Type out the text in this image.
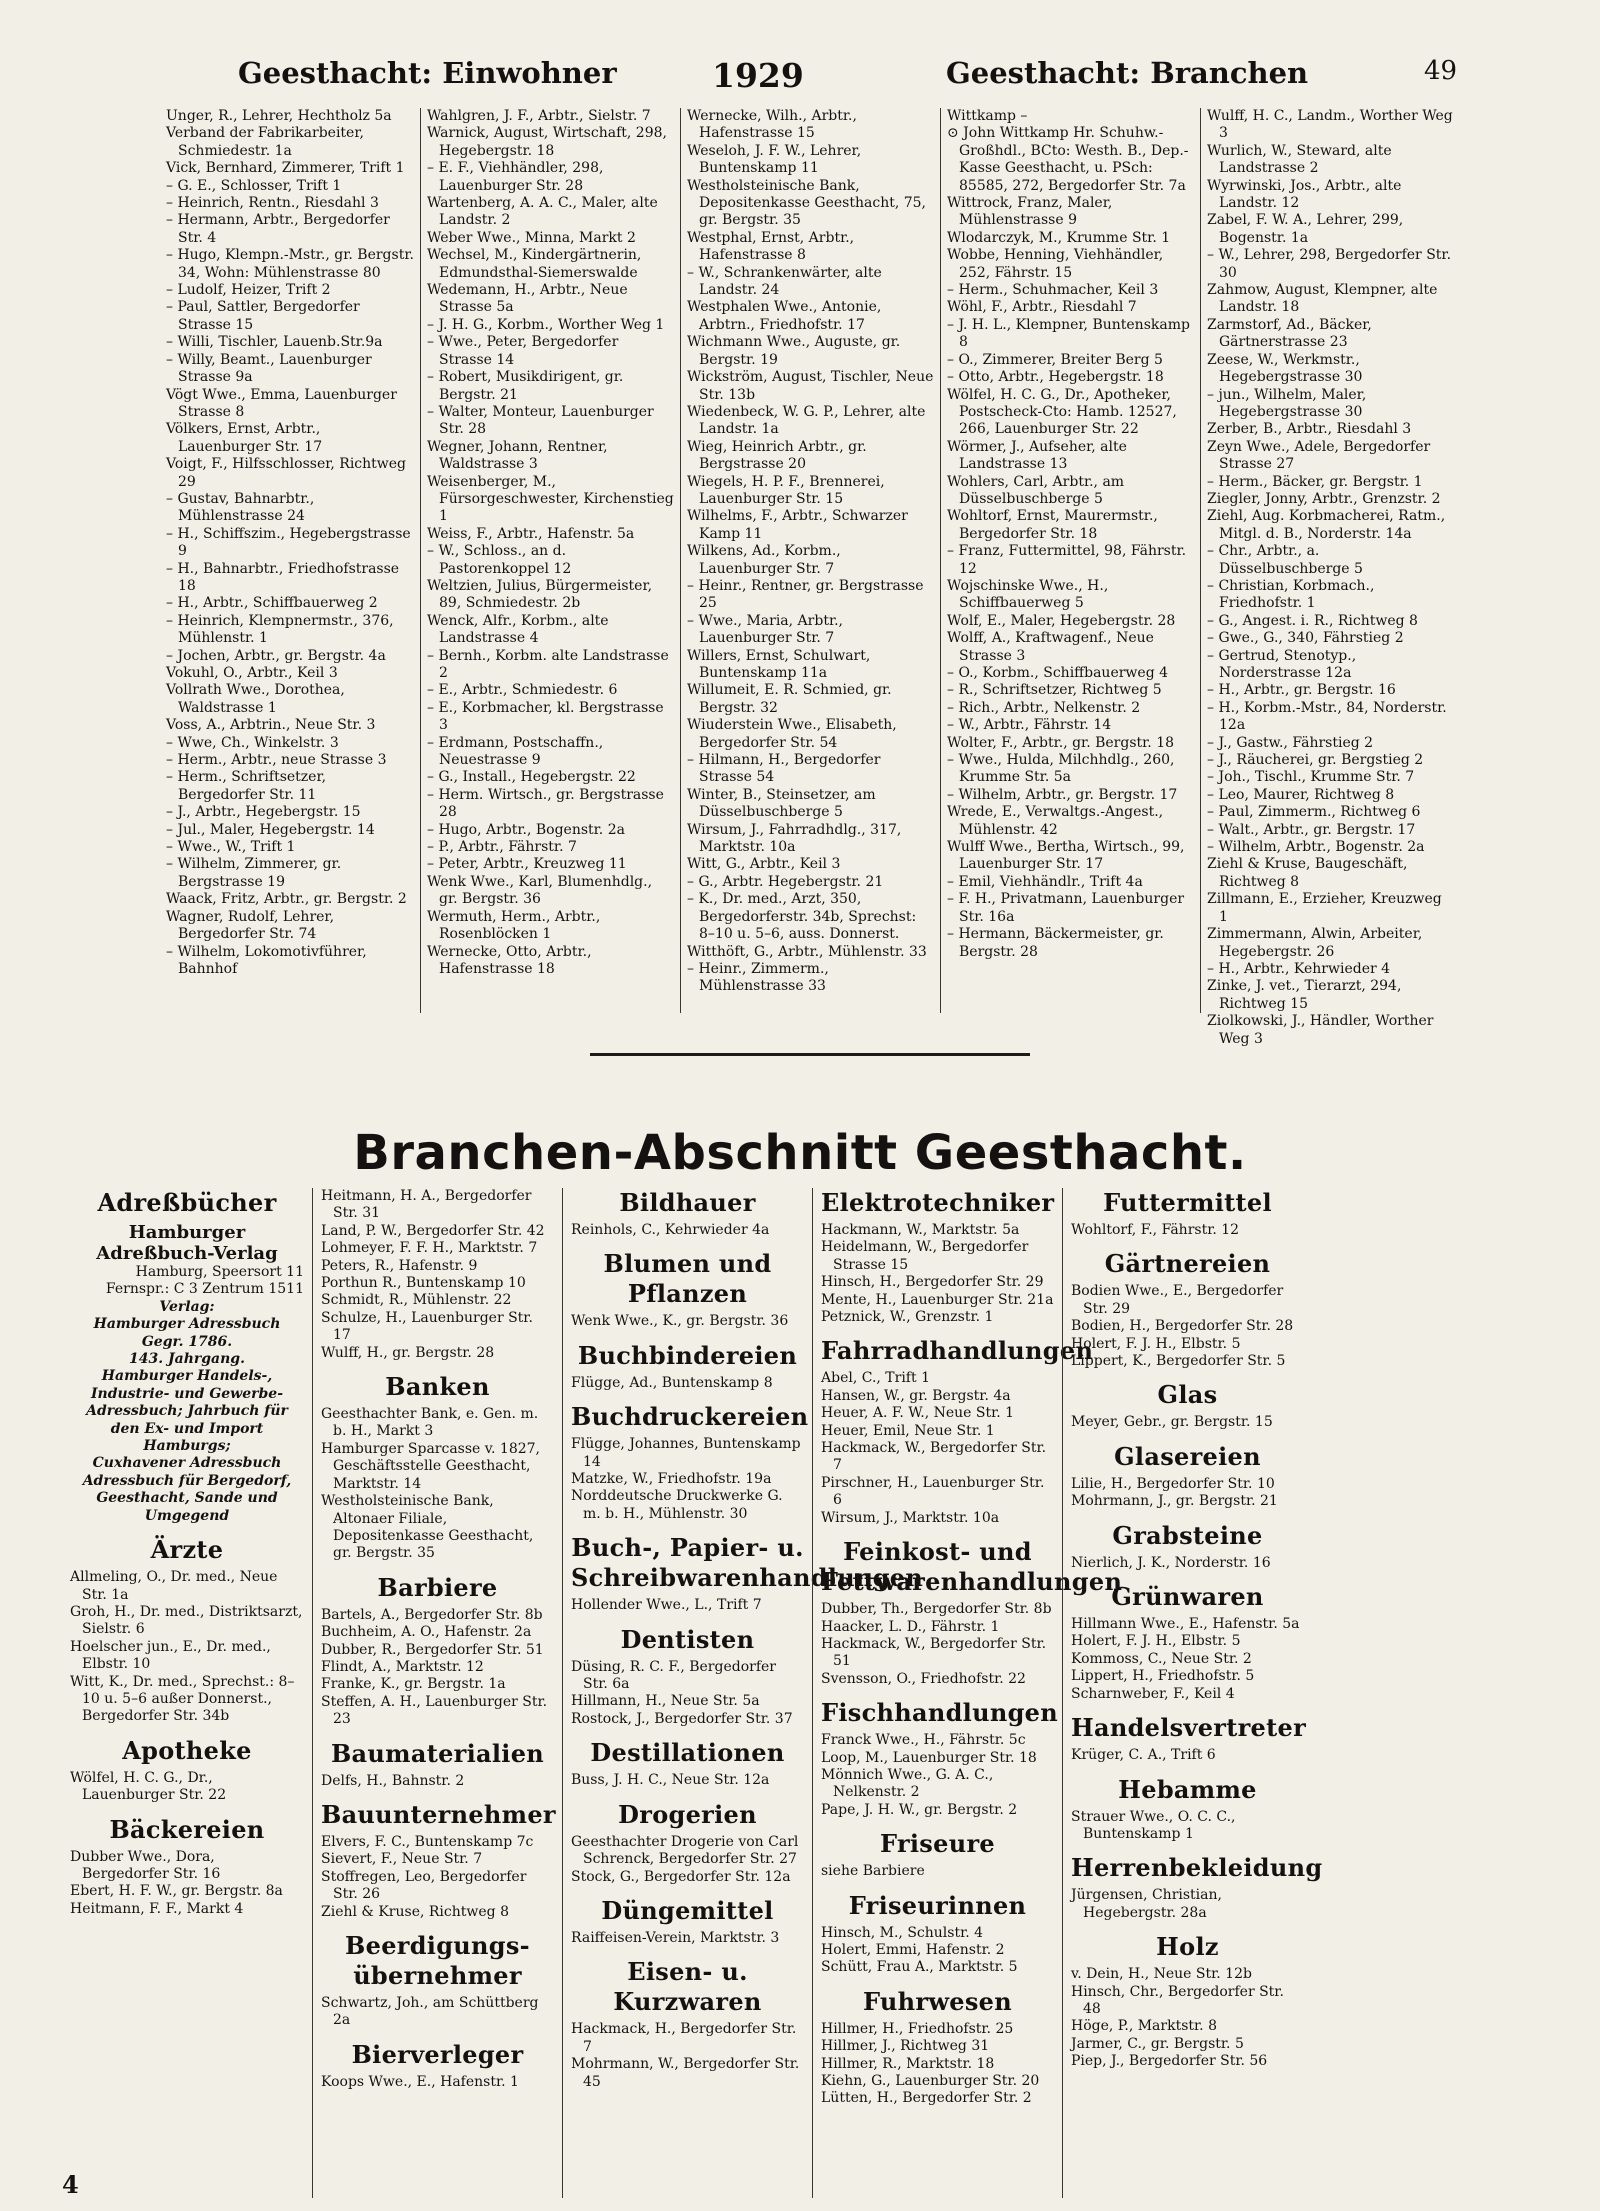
Geesthacht: Einwohner	1929	Geesthacht: Branchen	49
Unger, R., Lehrer, Hechtholz 5a
Verband der Fabrikarbeiter, Schmiedestr. 1a
Vick, Bernhard, Zimmerer, Trift 1
– G. E., Schlosser, Trift 1
– Heinrich, Rentn., Riesdahl 3
– Hermann, Arbtr., Bergedorfer Str. 4
– Hugo, Klempn.-Mstr., gr. Bergstr. 34, Wohn: Mühlenstrasse 80
– Ludolf, Heizer, Trift 2
– Paul, Sattler, Bergedorfer Strasse 15
– Willi, Tischler, Lauenb.Str.9a
– Willy, Beamt., Lauenburger Strasse 9a
Vögt Wwe., Emma, Lauenburger Strasse 8
Völkers, Ernst, Arbtr., Lauenburger Str. 17
Voigt, F., Hilfsschlosser, Richtweg 29
– Gustav, Bahnarbtr., Mühlenstrasse 24
– H., Schiffszim., Hegebergstrasse 9
– H., Bahnarbtr., Friedhofstrasse 18
– H., Arbtr., Schiffbauerweg 2
– Heinrich, Klempnermstr., 376, Mühlenstr. 1
– Jochen, Arbtr., gr. Bergstr. 4a
Vokuhl, O., Arbtr., Keil 3
Vollrath Wwe., Dorothea, Waldstrasse 1
Voss, A., Arbtrin., Neue Str. 3
– Wwe, Ch., Winkelstr. 3
– Herm., Arbtr., neue Strasse 3
– Herm., Schriftsetzer, Bergedorfer Str. 11
– J., Arbtr., Hegebergstr. 15
– Jul., Maler, Hegebergstr. 14
– Wwe., W., Trift 1
– Wilhelm, Zimmerer, gr. Bergstrasse 19
Waack, Fritz, Arbtr., gr. Bergstr. 2
Wagner, Rudolf, Lehrer, Bergedorfer Str. 74
– Wilhelm, Lokomotivführer, Bahnhof
Wahlgren, J. F., Arbtr., Sielstr. 7
Warnick, August, Wirtschaft, 298, Hegebergstr. 18
– E. F., Viehhändler, 298, Lauenburger Str. 28
Wartenberg, A. A. C., Maler, alte Landstr. 2
Weber Wwe., Minna, Markt 2
Wechsel, M., Kindergärtnerin, Edmundsthal-Siemerswalde
Wedemann, H., Arbtr., Neue Strasse 5a
– J. H. G., Korbm., Worther Weg 1
– Wwe., Peter, Bergedorfer Strasse 14
– Robert, Musikdirigent, gr. Bergstr. 21
– Walter, Monteur, Lauenburger Str. 28
Wegner, Johann, Rentner, Waldstrasse 3
Weisenberger, M., Fürsorgeschwester, Kirchenstieg 1
Weiss, F., Arbtr., Hafenstr. 5a
– W., Schloss., an d. Pastorenkoppel 12
Weltzien, Julius, Bürgermeister, 89, Schmiedestr. 2b
Wenck, Alfr., Korbm., alte Landstrasse 4
– Bernh., Korbm. alte Landstrasse 2
– E., Arbtr., Schmiedestr. 6
– E., Korbmacher, kl. Bergstrasse 3
– Erdmann, Postschaffn., Neuestrasse 9
– G., Install., Hegebergstr. 22
– Herm. Wirtsch., gr. Bergstrasse 28
– Hugo, Arbtr., Bogenstr. 2a
– P., Arbtr., Fährstr. 7
– Peter, Arbtr., Kreuzweg 11
Wenk Wwe., Karl, Blumenhdlg., gr. Bergstr. 36
Wermuth, Herm., Arbtr., Rosenblöcken 1
Wernecke, Otto, Arbtr., Hafenstrasse 18
Wernecke, Wilh., Arbtr., Hafenstrasse 15
Weseloh, J. F. W., Lehrer, Buntenskamp 11
Westholsteinische Bank, Depositenkasse Geesthacht, 75, gr. Bergstr. 35
Westphal, Ernst, Arbtr., Hafenstrasse 8
– W., Schrankenwärter, alte Landstr. 24
Westphalen Wwe., Antonie, Arbtrn., Friedhofstr. 17
Wichmann Wwe., Auguste, gr. Bergstr. 19
Wickström, August, Tischler, Neue Str. 13b
Wiedenbeck, W. G. P., Lehrer, alte Landstr. 1a
Wieg, Heinrich Arbtr., gr. Bergstrasse 20
Wiegels, H. P. F., Brennerei, Lauenburger Str. 15
Wilhelms, F., Arbtr., Schwarzer Kamp 11
Wilkens, Ad., Korbm., Lauenburger Str. 7
– Heinr., Rentner, gr. Bergstrasse 25
– Wwe., Maria, Arbtr., Lauenburger Str. 7
Willers, Ernst, Schulwart, Buntenskamp 11a
Willumeit, E. R. Schmied, gr. Bergstr. 32
Wiuderstein Wwe., Elisabeth, Bergedorfer Str. 54
– Hilmann, H., Bergedorfer Strasse 54
Winter, B., Steinsetzer, am Düsselbuschberge 5
Wirsum, J., Fahrradhdlg., 317, Marktstr. 10a
Witt, G., Arbtr., Keil 3
– G., Arbtr. Hegebergstr. 21
– K., Dr. med., Arzt, 350, Bergedorferstr. 34b, Sprechst: 8–10 u. 5–6, auss. Donnerst.
Witthöft, G., Arbtr., Mühlenstr. 33
– Heinr., Zimmerm., Mühlenstrasse 33
Wittkamp –
⊙ John Wittkamp Hr. Schuhw.-Großhdl., BCto: Westh. B., Dep.-Kasse Geesthacht, u. PSch: 85585, 272, Bergedorfer Str. 7a
Wittrock, Franz, Maler, Mühlenstrasse 9
Wlodarczyk, M., Krumme Str. 1
Wobbe, Henning, Viehhändler, 252, Fährstr. 15
– Herm., Schuhmacher, Keil 3
Wöhl, F., Arbtr., Riesdahl 7
– J. H. L., Klempner, Buntenskamp 8
– O., Zimmerer, Breiter Berg 5
– Otto, Arbtr., Hegebergstr. 18
Wölfel, H. C. G., Dr., Apotheker, Postscheck-Cto: Hamb. 12527, 266, Lauenburger Str. 22
Wörmer, J., Aufseher, alte Landstrasse 13
Wohlers, Carl, Arbtr., am Düsselbuschberge 5
Wohltorf, Ernst, Maurermstr., Bergedorfer Str. 18
– Franz, Futtermittel, 98, Fährstr. 12
Wojschinske Wwe., H., Schiffbauerweg 5
Wolf, E., Maler, Hegebergstr. 28
Wolff, A., Kraftwagenf., Neue Strasse 3
– O., Korbm., Schiffbauerweg 4
– R., Schriftsetzer, Richtweg 5
– Rich., Arbtr., Nelkenstr. 2
– W., Arbtr., Fährstr. 14
Wolter, F., Arbtr., gr. Bergstr. 18
– Wwe., Hulda, Milchhdlg., 260, Krumme Str. 5a
– Wilhelm, Arbtr., gr. Bergstr. 17
Wrede, E., Verwaltgs.-Angest., Mühlenstr. 42
Wulff Wwe., Bertha, Wirtsch., 99, Lauenburger Str. 17
– Emil, Viehhändlr., Trift 4a
– F. H., Privatmann, Lauenburger Str. 16a
– Hermann, Bäckermeister, gr. Bergstr. 28
Wulff, H. C., Landm., Worther Weg 3
Wurlich, W., Steward, alte Landstrasse 2
Wyrwinski, Jos., Arbtr., alte Landstr. 12
Zabel, F. W. A., Lehrer, 299, Bogenstr. 1a
– W., Lehrer, 298, Bergedorfer Str. 30
Zahmow, August, Klempner, alte Landstr. 18
Zarmstorf, Ad., Bäcker, Gärtnerstrasse 23
Zeese, W., Werkmstr., Hegebergstrasse 30
– jun., Wilhelm, Maler, Hegebergstrasse 30
Zerber, B., Arbtr., Riesdahl 3
Zeyn Wwe., Adele, Bergedorfer Strasse 27
– Herm., Bäcker, gr. Bergstr. 1
Ziegler, Jonny, Arbtr., Grenzstr. 2
Ziehl, Aug. Korbmacherei, Ratm., Mitgl. d. B., Norderstr. 14a
– Chr., Arbtr., a. Düsselbuschberge 5
– Christian, Korbmach., Friedhofstr. 1
– G., Angest. i. R., Richtweg 8
– Gwe., G., 340, Fährstieg 2
– Gertrud, Stenotyp., Norderstrasse 12a
– H., Arbtr., gr. Bergstr. 16
– H., Korbm.-Mstr., 84, Norderstr. 12a
– J., Gastw., Fährstieg 2
– J., Räucherei, gr. Bergstieg 2
– Joh., Tischl., Krumme Str. 7
– Leo, Maurer, Richtweg 8
– Paul, Zimmerm., Richtweg 6
– Walt., Arbtr., gr. Bergstr. 17
– Wilhelm, Arbtr., Bogenstr. 2a
Ziehl & Kruse, Baugeschäft, Richtweg 8
Zillmann, E., Erzieher, Kreuzweg 1
Zimmermann, Alwin, Arbeiter, Hegebergstr. 26
– H., Arbtr., Kehrwieder 4
Zinke, J. vet., Tierarzt, 294, Richtweg 15
Ziolkowski, J., Händler, Worther Weg 3
Branchen-Abschnitt Geesthacht.
Adreßbücher
Hamburger
Adreßbuch-Verlag
Hamburg, Speersort 11
Fernspr.: C 3 Zentrum 1511
Verlag:
Hamburger Adressbuch
Gegr. 1786.
143. Jahrgang.
Hamburger Handels-, Industrie- und Gewerbe-Adressbuch; Jahrbuch für den Ex- und Import Hamburgs;
Cuxhavener Adressbuch Adressbuch für Bergedorf, Geesthacht, Sande und Umgegend
Ärzte
Allmeling, O., Dr. med., Neue Str. 1a
Groh, H., Dr. med., Distriktsarzt, Sielstr. 6
Hoelscher jun., E., Dr. med., Elbstr. 10
Witt, K., Dr. med., Sprechst.: 8–10 u. 5–6 außer Donnerst., Bergedorfer Str. 34b
Apotheke
Wölfel, H. C. G., Dr., Lauenburger Str. 22
Bäckereien
Dubber Wwe., Dora, Bergedorfer Str. 16
Ebert, H. F. W., gr. Bergstr. 8a
Heitmann, F. F., Markt 4
Heitmann, H. A., Bergedorfer Str. 31
Land, P. W., Bergedorfer Str. 42
Lohmeyer, F. F. H., Marktstr. 7
Peters, R., Hafenstr. 9
Porthun R., Buntenskamp 10
Schmidt, R., Mühlenstr. 22
Schulze, H., Lauenburger Str. 17
Wulff, H., gr. Bergstr. 28
Banken
Geesthachter Bank, e. Gen. m. b. H., Markt 3
Hamburger Sparcasse v. 1827, Geschäftsstelle Geesthacht, Marktstr. 14
Westholsteinische Bank, Altonaer Filiale, Depositenkasse Geesthacht, gr. Bergstr. 35
Barbiere
Bartels, A., Bergedorfer Str. 8b
Buchheim, A. O., Hafenstr. 2a
Dubber, R., Bergedorfer Str. 51
Flindt, A., Marktstr. 12
Franke, K., gr. Bergstr. 1a
Steffen, A. H., Lauenburger Str. 23
Baumaterialien
Delfs, H., Bahnstr. 2
Bauunternehmer
Elvers, F. C., Buntenskamp 7c
Sievert, F., Neue Str. 7
Stoffregen, Leo, Bergedorfer Str. 26
Ziehl & Kruse, Richtweg 8
Beerdigungs-übernehmer
Schwartz, Joh., am Schüttberg 2a
Bierverleger
Koops Wwe., E., Hafenstr. 1
Bildhauer
Reinhols, C., Kehrwieder 4a
Blumen und Pflanzen
Wenk Wwe., K., gr. Bergstr. 36
Buchbindereien
Flügge, Ad., Buntenskamp 8
Buchdruckereien
Flügge, Johannes, Buntenskamp 14
Matzke, W., Friedhofstr. 19a
Norddeutsche Druckwerke G. m. b. H., Mühlenstr. 30
Buch-, Papier- u. Schreibwarenhandlungen
Hollender Wwe., L., Trift 7
Dentisten
Düsing, R. C. F., Bergedorfer Str. 6a
Hillmann, H., Neue Str. 5a
Rostock, J., Bergedorfer Str. 37
Destillationen
Buss, J. H. C., Neue Str. 12a
Drogerien
Geesthachter Drogerie von Carl Schrenck, Bergedorfer Str. 27
Stock, G., Bergedorfer Str. 12a
Düngemittel
Raiffeisen-Verein, Marktstr. 3
Eisen- u. Kurzwaren
Hackmack, H., Bergedorfer Str. 7
Mohrmann, W., Bergedorfer Str. 45
Elektrotechniker
Hackmann, W., Marktstr. 5a
Heidelmann, W., Bergedorfer Strasse 15
Hinsch, H., Bergedorfer Str. 29
Mente, H., Lauenburger Str. 21a
Petznick, W., Grenzstr. 1
Fahrradhandlungen
Abel, C., Trift 1
Hansen, W., gr. Bergstr. 4a
Heuer, A. F. W., Neue Str. 1
Heuer, Emil, Neue Str. 1
Hackmack, W., Bergedorfer Str. 7
Pirschner, H., Lauenburger Str. 6
Wirsum, J., Marktstr. 10a
Feinkost- und Fettwarenhandlungen
Dubber, Th., Bergedorfer Str. 8b
Haacker, L. D., Fährstr. 1
Hackmack, W., Bergedorfer Str. 51
Svensson, O., Friedhofstr. 22
Fischhandlungen
Franck Wwe., H., Fährstr. 5c
Loop, M., Lauenburger Str. 18
Mönnich Wwe., G. A. C., Nelkenstr. 2
Pape, J. H. W., gr. Bergstr. 2
Friseure
siehe Barbiere
Friseurinnen
Hinsch, M., Schulstr. 4
Holert, Emmi, Hafenstr. 2
Schütt, Frau A., Marktstr. 5
Fuhrwesen
Hillmer, H., Friedhofstr. 25
Hillmer, J., Richtweg 31
Hillmer, R., Marktstr. 18
Kiehn, G., Lauenburger Str. 20
Lütten, H., Bergedorfer Str. 2
Futtermittel
Wohltorf, F., Fährstr. 12
Gärtnereien
Bodien Wwe., E., Bergedorfer Str. 29
Bodien, H., Bergedorfer Str. 28
Holert, F. J. H., Elbstr. 5
Lippert, K., Bergedorfer Str. 5
Glas
Meyer, Gebr., gr. Bergstr. 15
Glasereien
Lilie, H., Bergedorfer Str. 10
Mohrmann, J., gr. Bergstr. 21
Grabsteine
Nierlich, J. K., Norderstr. 16
Grünwaren
Hillmann Wwe., E., Hafenstr. 5a
Holert, F. J. H., Elbstr. 5
Kommoss, C., Neue Str. 2
Lippert, H., Friedhofstr. 5
Scharnweber, F., Keil 4
Handelsvertreter
Krüger, C. A., Trift 6
Hebamme
Strauer Wwe., O. C. C., Buntenskamp 1
Herrenbekleidung
Jürgensen, Christian, Hegebergstr. 28a
Holz
v. Dein, H., Neue Str. 12b
Hinsch, Chr., Bergedorfer Str. 48
Höge, P., Marktstr. 8
Jarmer, C., gr. Bergstr. 5
Piep, J., Bergedorfer Str. 56
4
